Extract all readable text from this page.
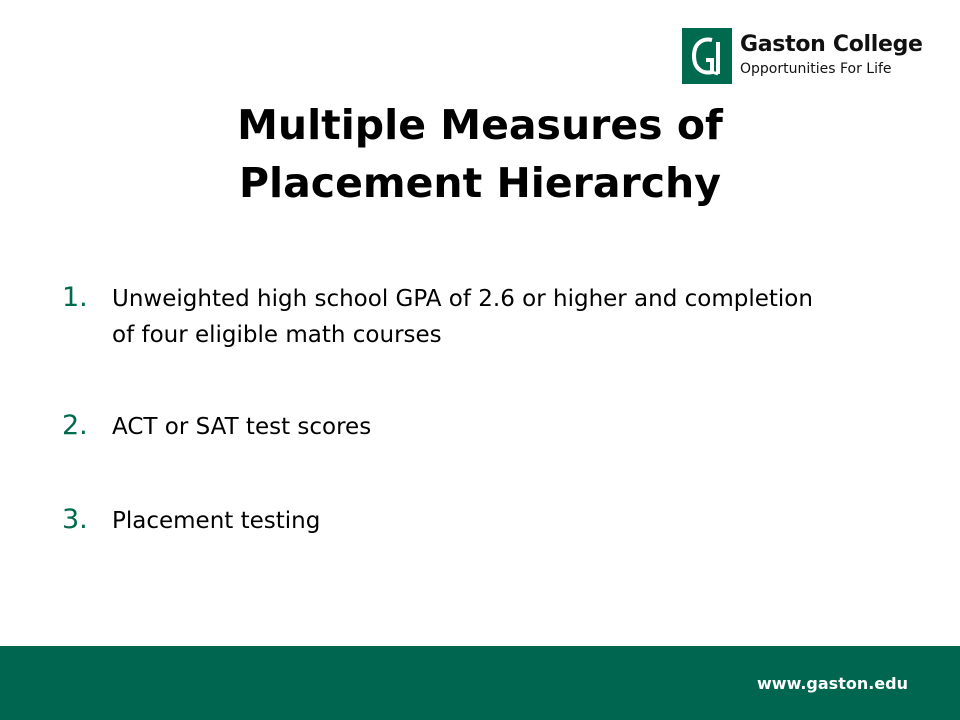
Gaston College
Opportunities For Life
Multiple Measures of
Placement Hierarchy
1.	Unweighted high school GPA of 2.6 or higher and completion of four eligible math courses
2.	ACT or SAT test scores
3.	Placement testing
www.gaston.edu
